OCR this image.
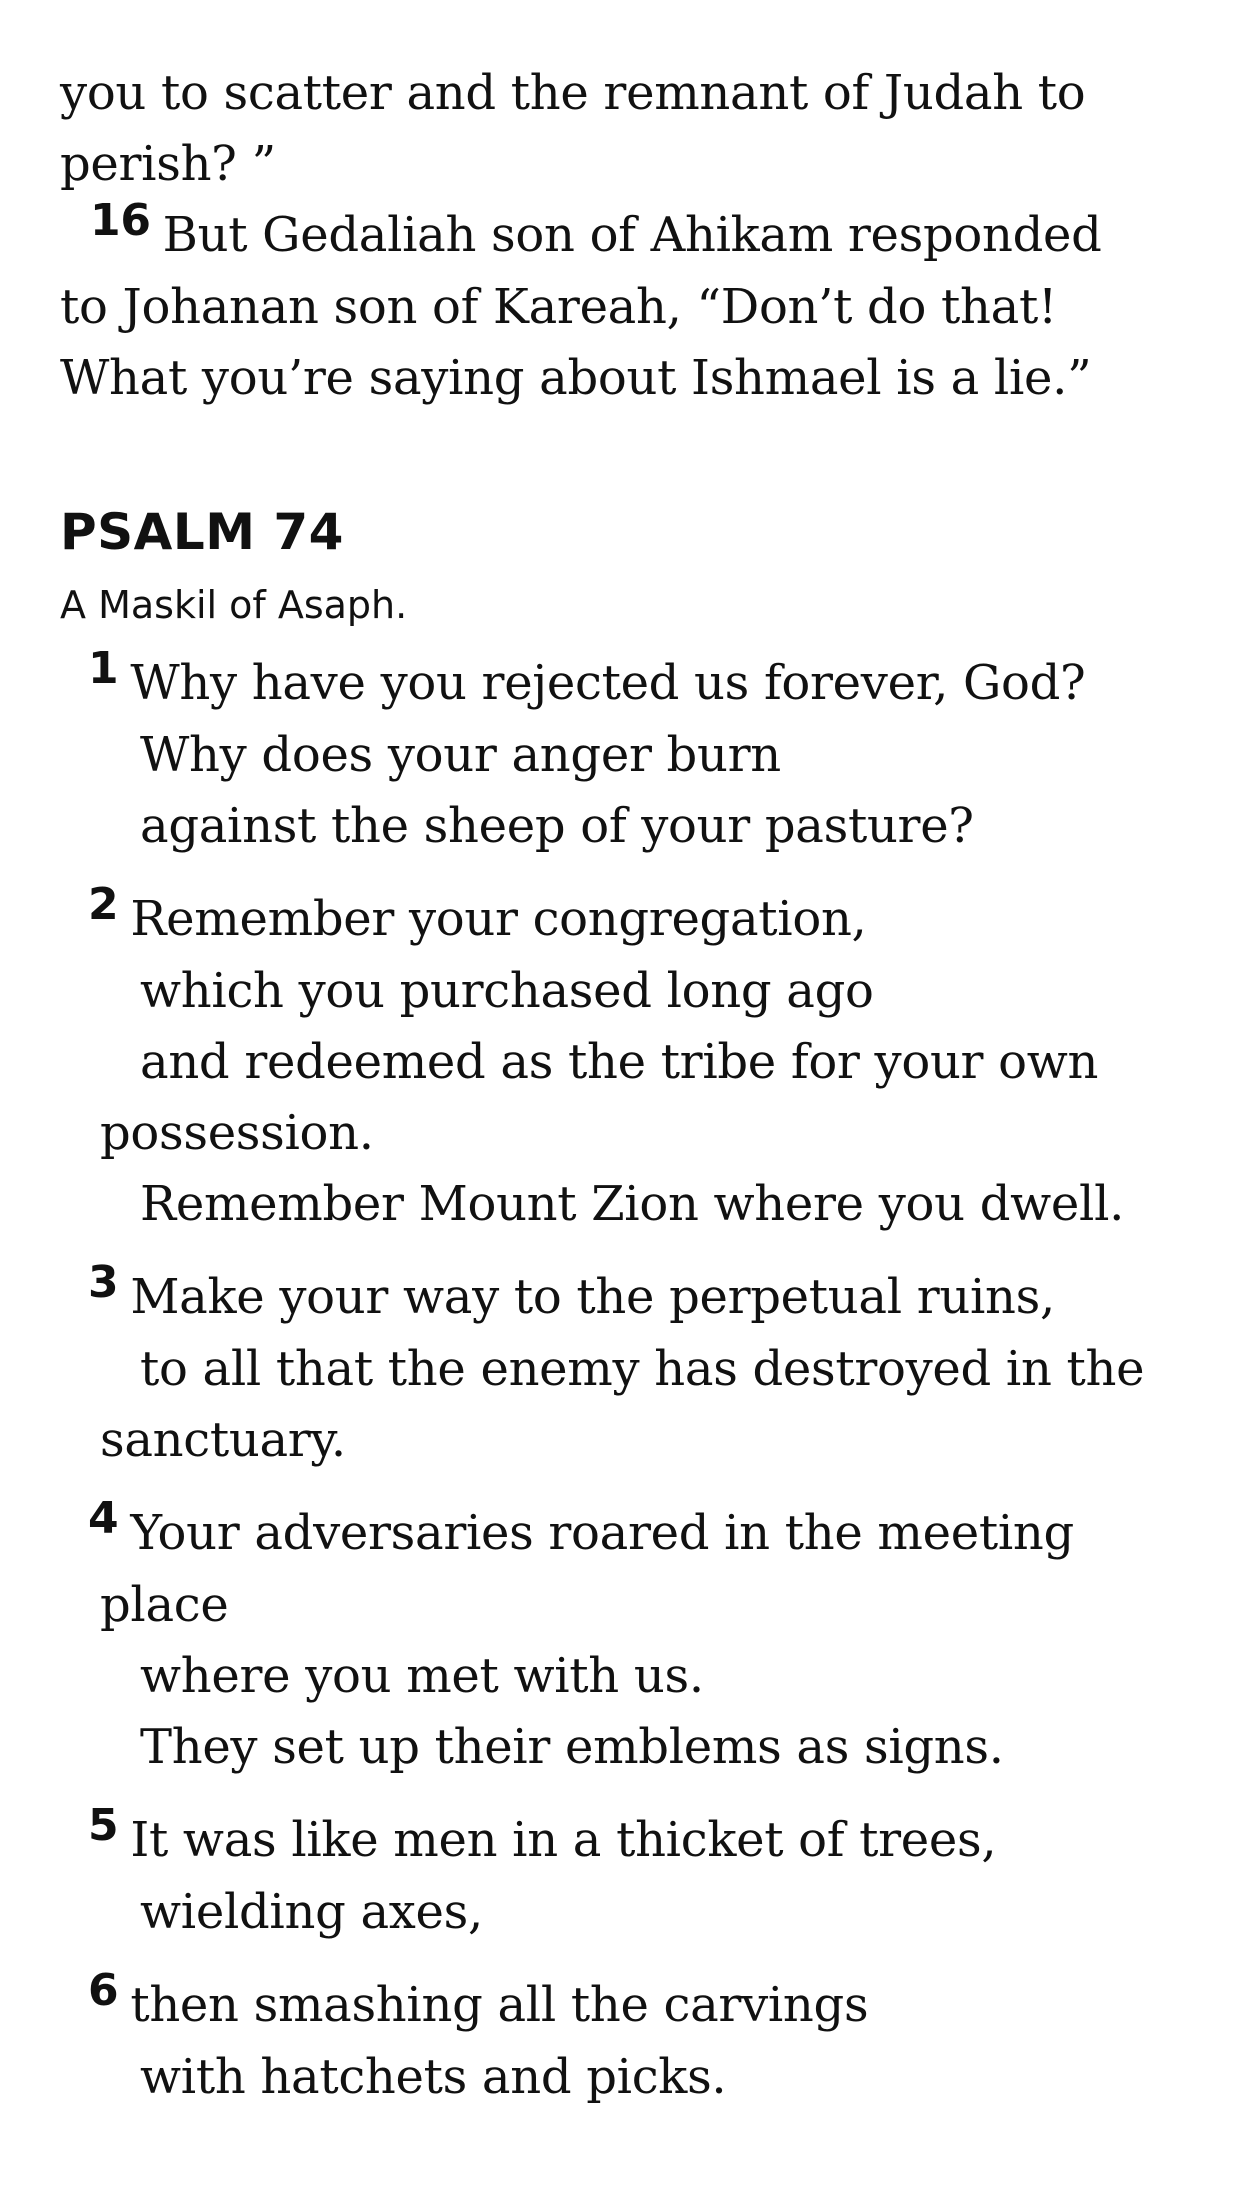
you to scatter and the remnant of Judah to
perish? ”
16 But Gedaliah son of Ahikam responded
to Johanan son of Kareah, “Don’t do that!
What you’re saying about Ishmael is a lie.”
PSALM 74
A Maskil of Asaph.
1 Why have you rejected us forever, God?
Why does your anger burn
against the sheep of your pasture?
2 Remember your congregation,
which you purchased long ago
and redeemed as the tribe for your own
possession.
Remember Mount Zion where you dwell.
3 Make your way to the perpetual ruins,
to all that the enemy has destroyed in the
sanctuary.
4 Your adversaries roared in the meeting
place
where you met with us.
They set up their emblems as signs.
5 It was like men in a thicket of trees,
wielding axes,
6 then smashing all the carvings
with hatchets and picks.
